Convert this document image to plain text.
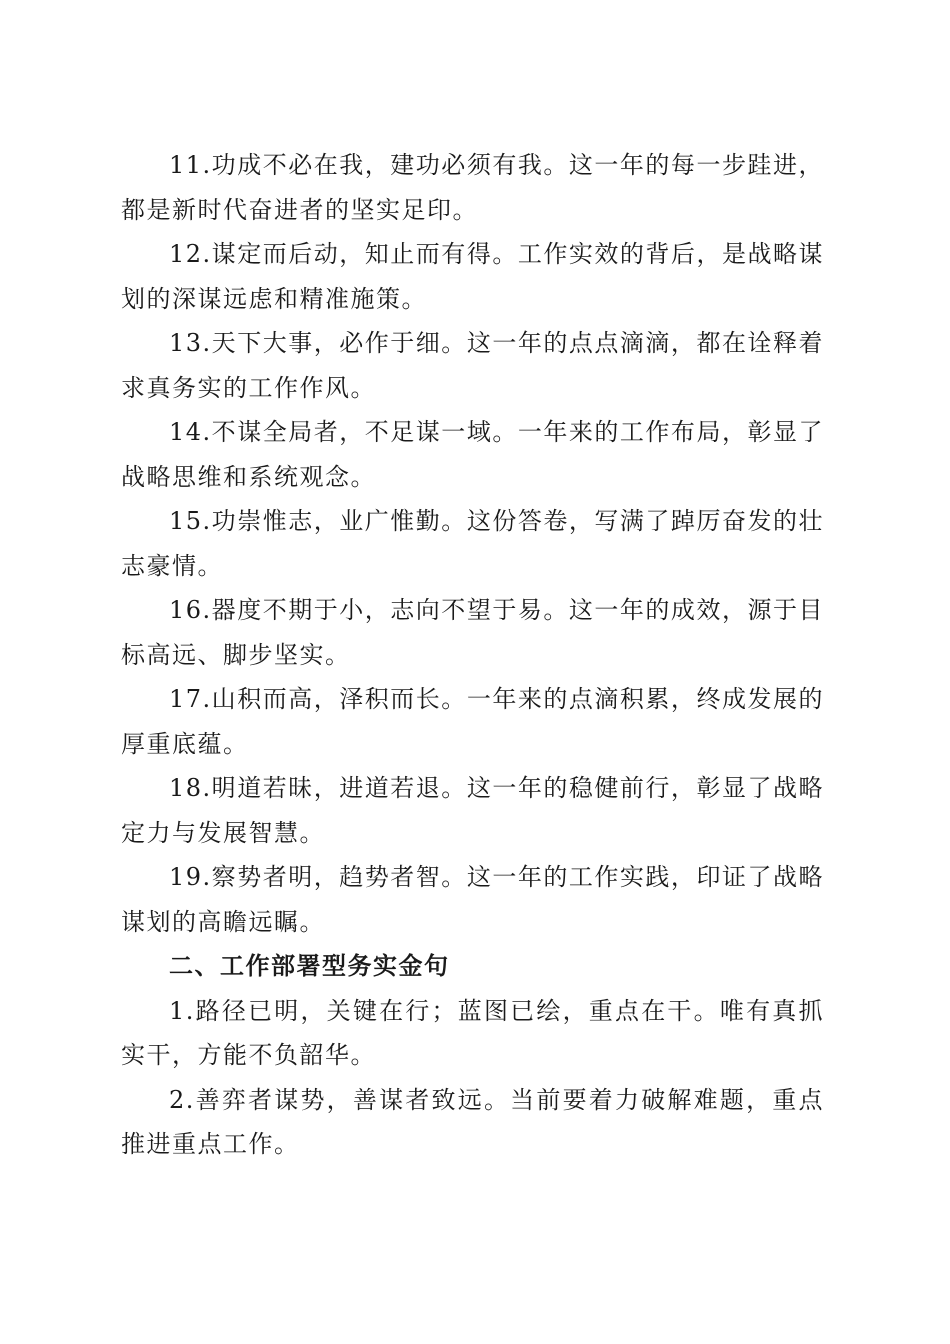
11.功成不必在我，建功必须有我。这一年的每一步跬进，都是新时代奋进者的坚实足印。

12.谋定而后动，知止而有得。工作实效的背后，是战略谋划的深谋远虑和精准施策。

13.天下大事，必作于细。这一年的点点滴滴，都在诠释着求真务实的工作作风。

14.不谋全局者，不足谋一域。一年来的工作布局，彰显了战略思维和系统观念。

15.功崇惟志，业广惟勤。这份答卷，写满了踔厉奋发的壮志豪情。

16.器度不期于小，志向不望于易。这一年的成效，源于目标高远、脚步坚实。

17.山积而高，泽积而长。一年来的点滴积累，终成发展的厚重底蕴。

18.明道若昧，进道若退。这一年的稳健前行，彰显了战略定力与发展智慧。

19.察势者明，趋势者智。这一年的工作实践，印证了战略谋划的高瞻远瞩。

二、工作部署型务实金句

1.路径已明，关键在行；蓝图已绘，重点在干。唯有真抓实干，方能不负韶华。

2.善弈者谋势，善谋者致远。当前要着力破解难题，重点推进重点工作。
